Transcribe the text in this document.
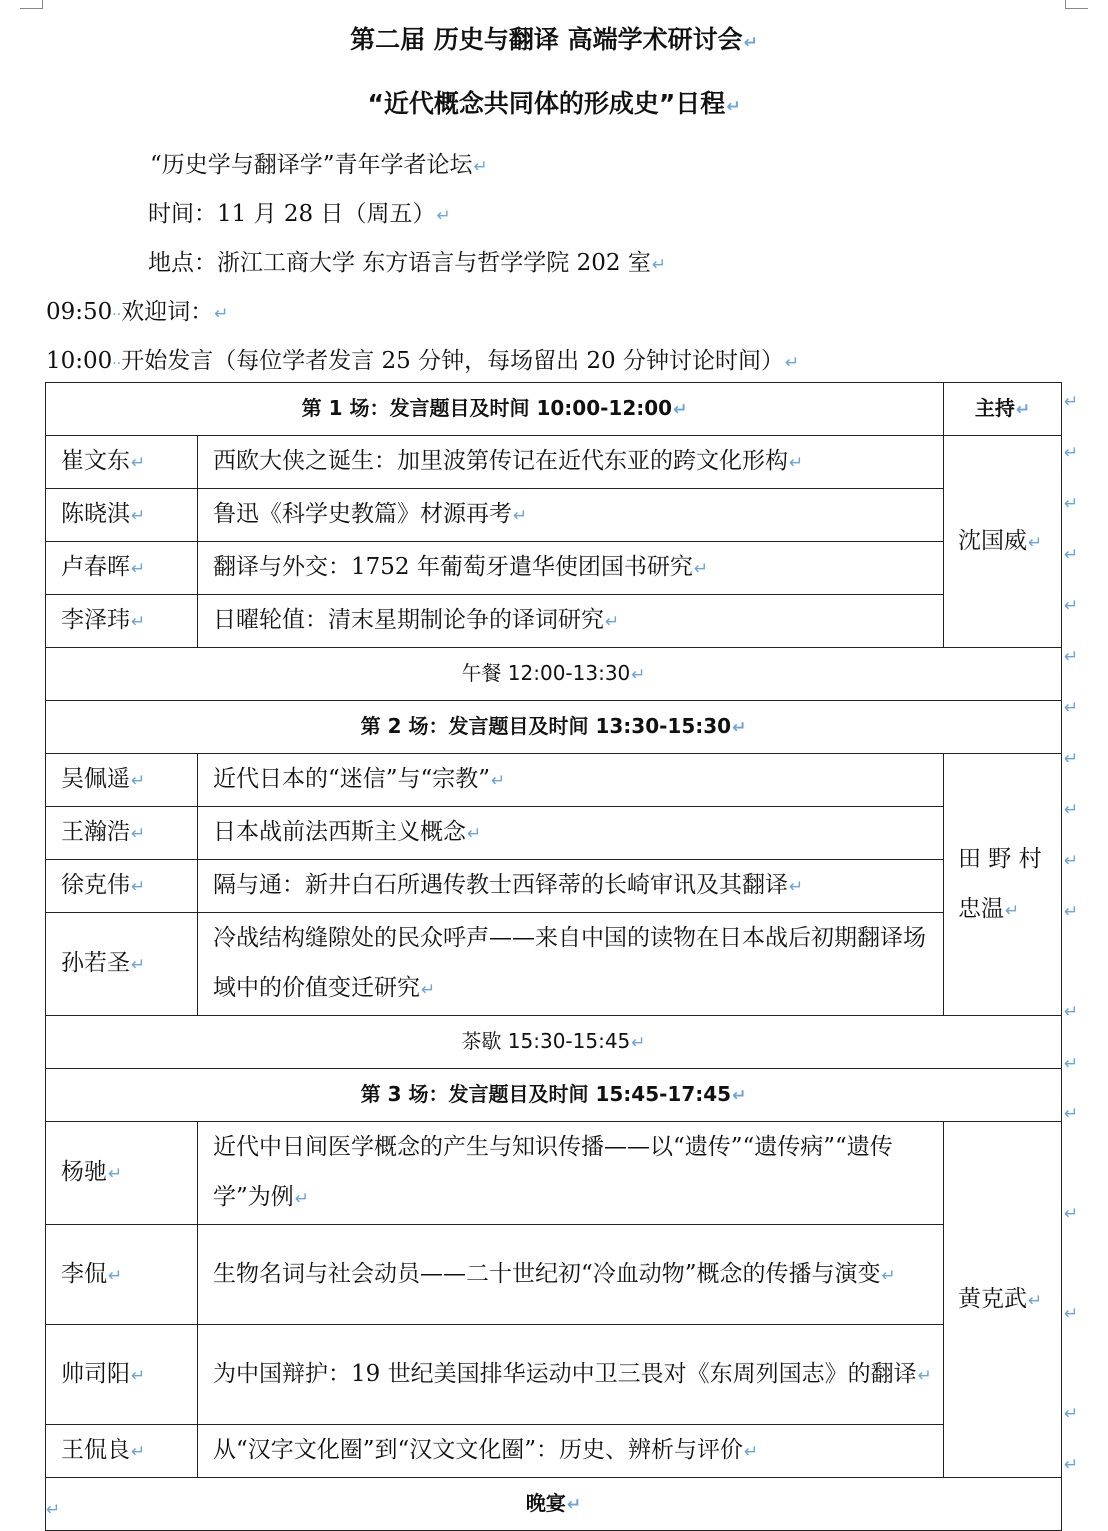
第二届 历史与翻译 高端学术研讨会↵
“近代概念共同体的形成史”日程↵
“历史学与翻译学”青年学者论坛↵
时间：11 月 28 日（周五）↵
地点：浙江工商大学 东方语言与哲学学院 202 室↵
09:50··欢迎词：↵
10:00··开始发言（每位学者发言 25 分钟，每场留出 20 分钟讨论时间）↵
第 1 场：发言题目及时间 10:00-12:00↵		主持↵
崔文东↵	西欧大侠之诞生：加里波第传记在近代东亚的跨文化形构↵	沈国威↵
陈晓淇↵	鲁迅《科学史教篇》材源再考↵	
卢春晖↵	翻译与外交：1752 年葡萄牙遣华使团国书研究↵	
李泽玮↵	日曜轮值：清末星期制论争的译词研究↵	
午餐 12:00-13:30↵		
第 2 场：发言题目及时间 13:30-15:30↵		
吴佩遥↵	近代日本的“迷信”与“宗教”↵	田 野 村 忠温↵
王瀚浩↵	日本战前法西斯主义概念↵	
徐克伟↵	隔与通：新井白石所遇传教士西铎蒂的长崎审讯及其翻译↵	
孙若圣↵	冷战结构缝隙处的民众呼声——来自中国的读物在日本战后初期翻译场域中的价值变迁研究↵	
茶歇 15:30-15:45↵		
第 3 场：发言题目及时间 15:45-17:45↵		
杨驰↵	近代中日间医学概念的产生与知识传播——以“遗传”“遗传病”“遗传学”为例↵	黄克武↵
李侃↵	生物名词与社会动员——二十世纪初“冷血动物”概念的传播与演变↵	
帅司阳↵	为中国辩护：19 世纪美国排华运动中卫三畏对《东周列国志》的翻译↵	
王侃良↵	从“汉字文化圈”到“汉文文化圈”：历史、辨析与评价↵	
晚宴↵		
↵
↵
↵
↵
↵
↵
↵
↵
↵
↵
↵
↵
↵
↵
↵
↵
↵
↵
↵
